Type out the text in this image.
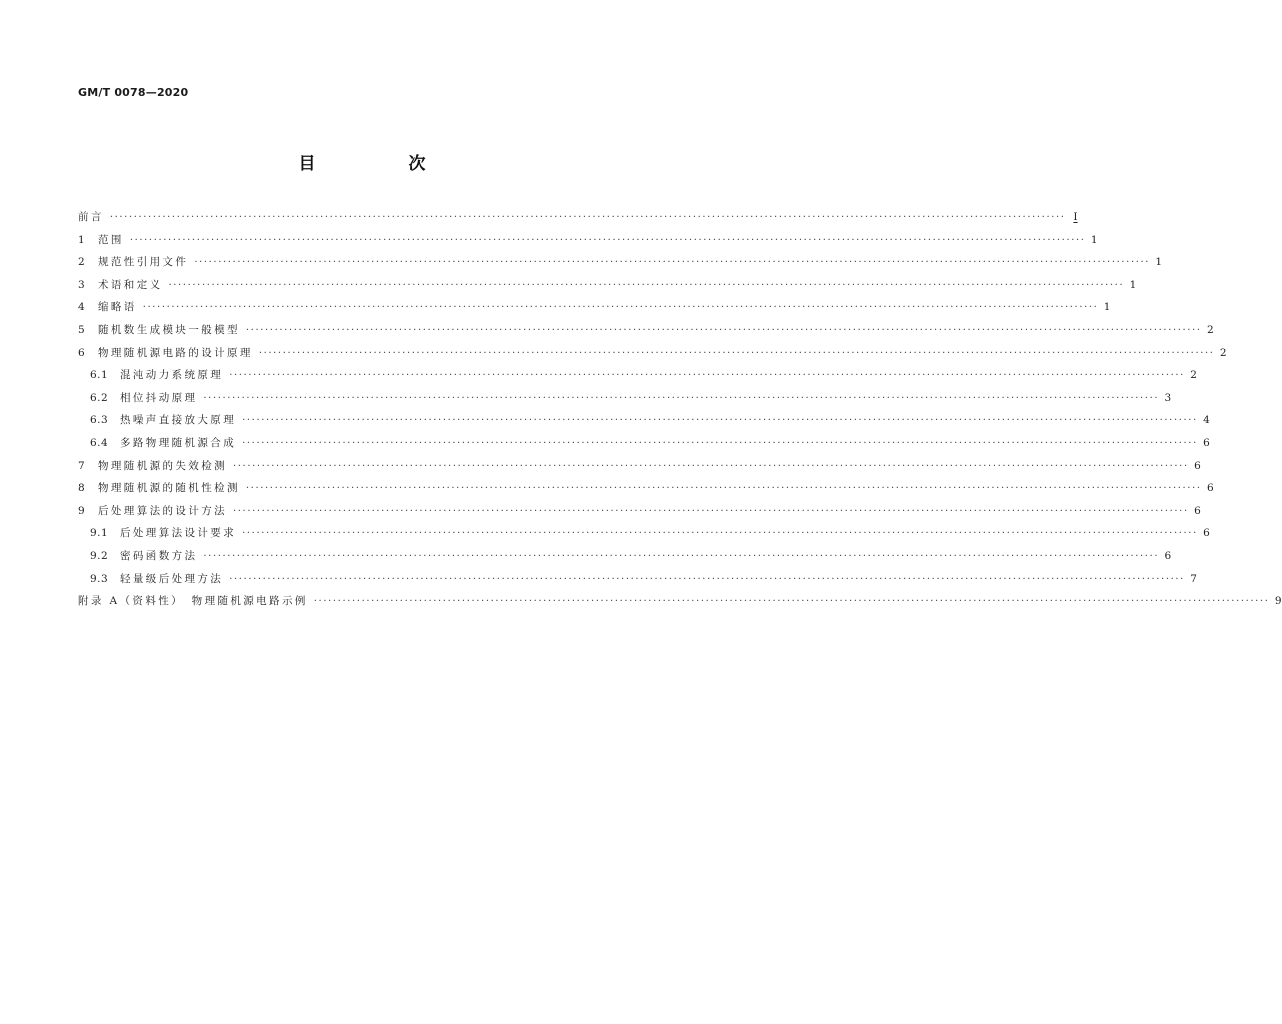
GM/T 0078—2020
目　次
前言 ········································································································································································································ Ⅰ
1	范围 ········································································································································································································ 1
2	规范性引用文件 ········································································································································································································ 1
3	术语和定义 ········································································································································································································ 1
4	缩略语 ········································································································································································································ 1
5	随机数生成模块一般模型 ········································································································································································································ 2
6	物理随机源电路的设计原理 ········································································································································································································ 2
6.1	混沌动力系统原理 ········································································································································································································ 2
6.2	相位抖动原理 ········································································································································································································ 3
6.3	热噪声直接放大原理 ········································································································································································································ 4
6.4	多路物理随机源合成 ········································································································································································································ 6
7	物理随机源的失效检测 ········································································································································································································ 6
8	物理随机源的随机性检测 ········································································································································································································ 6
9	后处理算法的设计方法 ········································································································································································································ 6
9.1	后处理算法设计要求 ········································································································································································································ 6
9.2	密码函数方法 ········································································································································································································ 6
9.3	轻量级后处理方法 ········································································································································································································ 7
附录 A（资料性）　物理随机源电路示例 ········································································································································································································ 9
